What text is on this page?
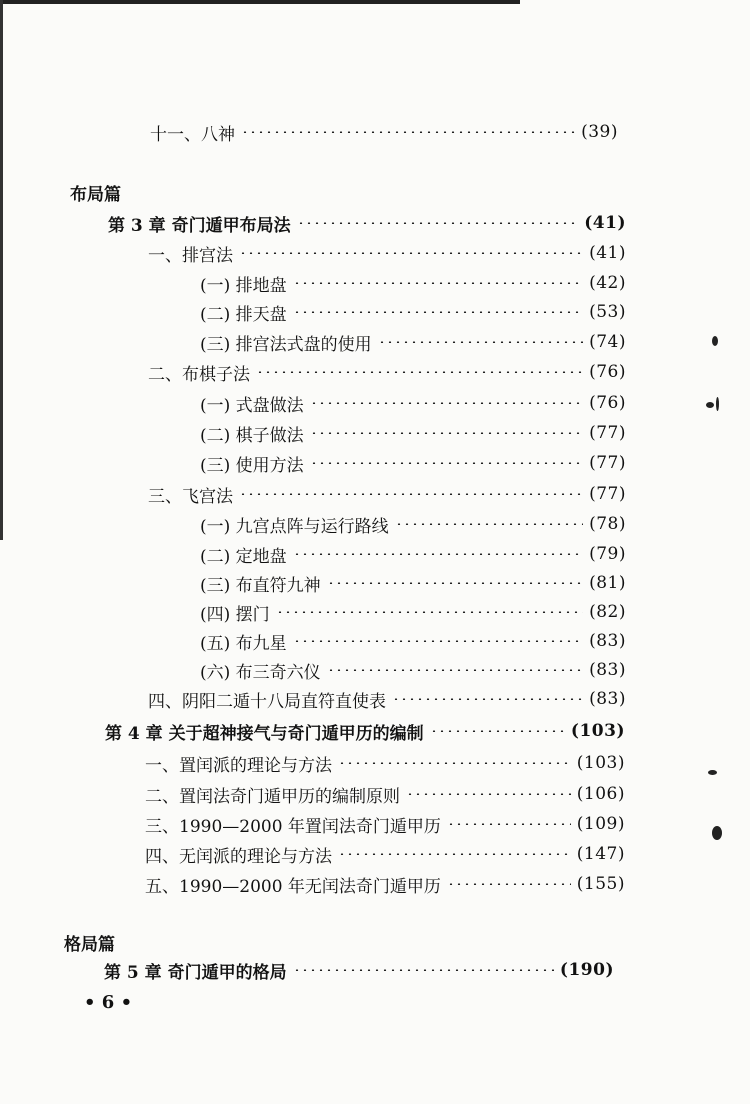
十一、八神	(39)
布局篇
第 3 章 奇门遁甲布局法	(41)
一、排宫法	(41)
(一) 排地盘	(42)
(二) 排天盘	(53)
(三) 排宫法式盘的使用	(74)
二、布棋子法	(76)
(一) 式盘做法	(76)
(二) 棋子做法	(77)
(三) 使用方法	(77)
三、飞宫法	(77)
(一) 九宫点阵与运行路线	(78)
(二) 定地盘	(79)
(三) 布直符九神	(81)
(四) 摆门	(82)
(五) 布九星	(83)
(六) 布三奇六仪	(83)
四、阴阳二遁十八局直符直使表	(83)
第 4 章 关于超神接气与奇门遁甲历的编制	(103)
一、置闰派的理论与方法	(103)
二、置闰法奇门遁甲历的编制原则	(106)
三、1990—2000 年置闰法奇门遁甲历	(109)
四、无闰派的理论与方法	(147)
五、1990—2000 年无闰法奇门遁甲历	(155)
格局篇
第 5 章 奇门遁甲的格局	(190)
• 6 •
